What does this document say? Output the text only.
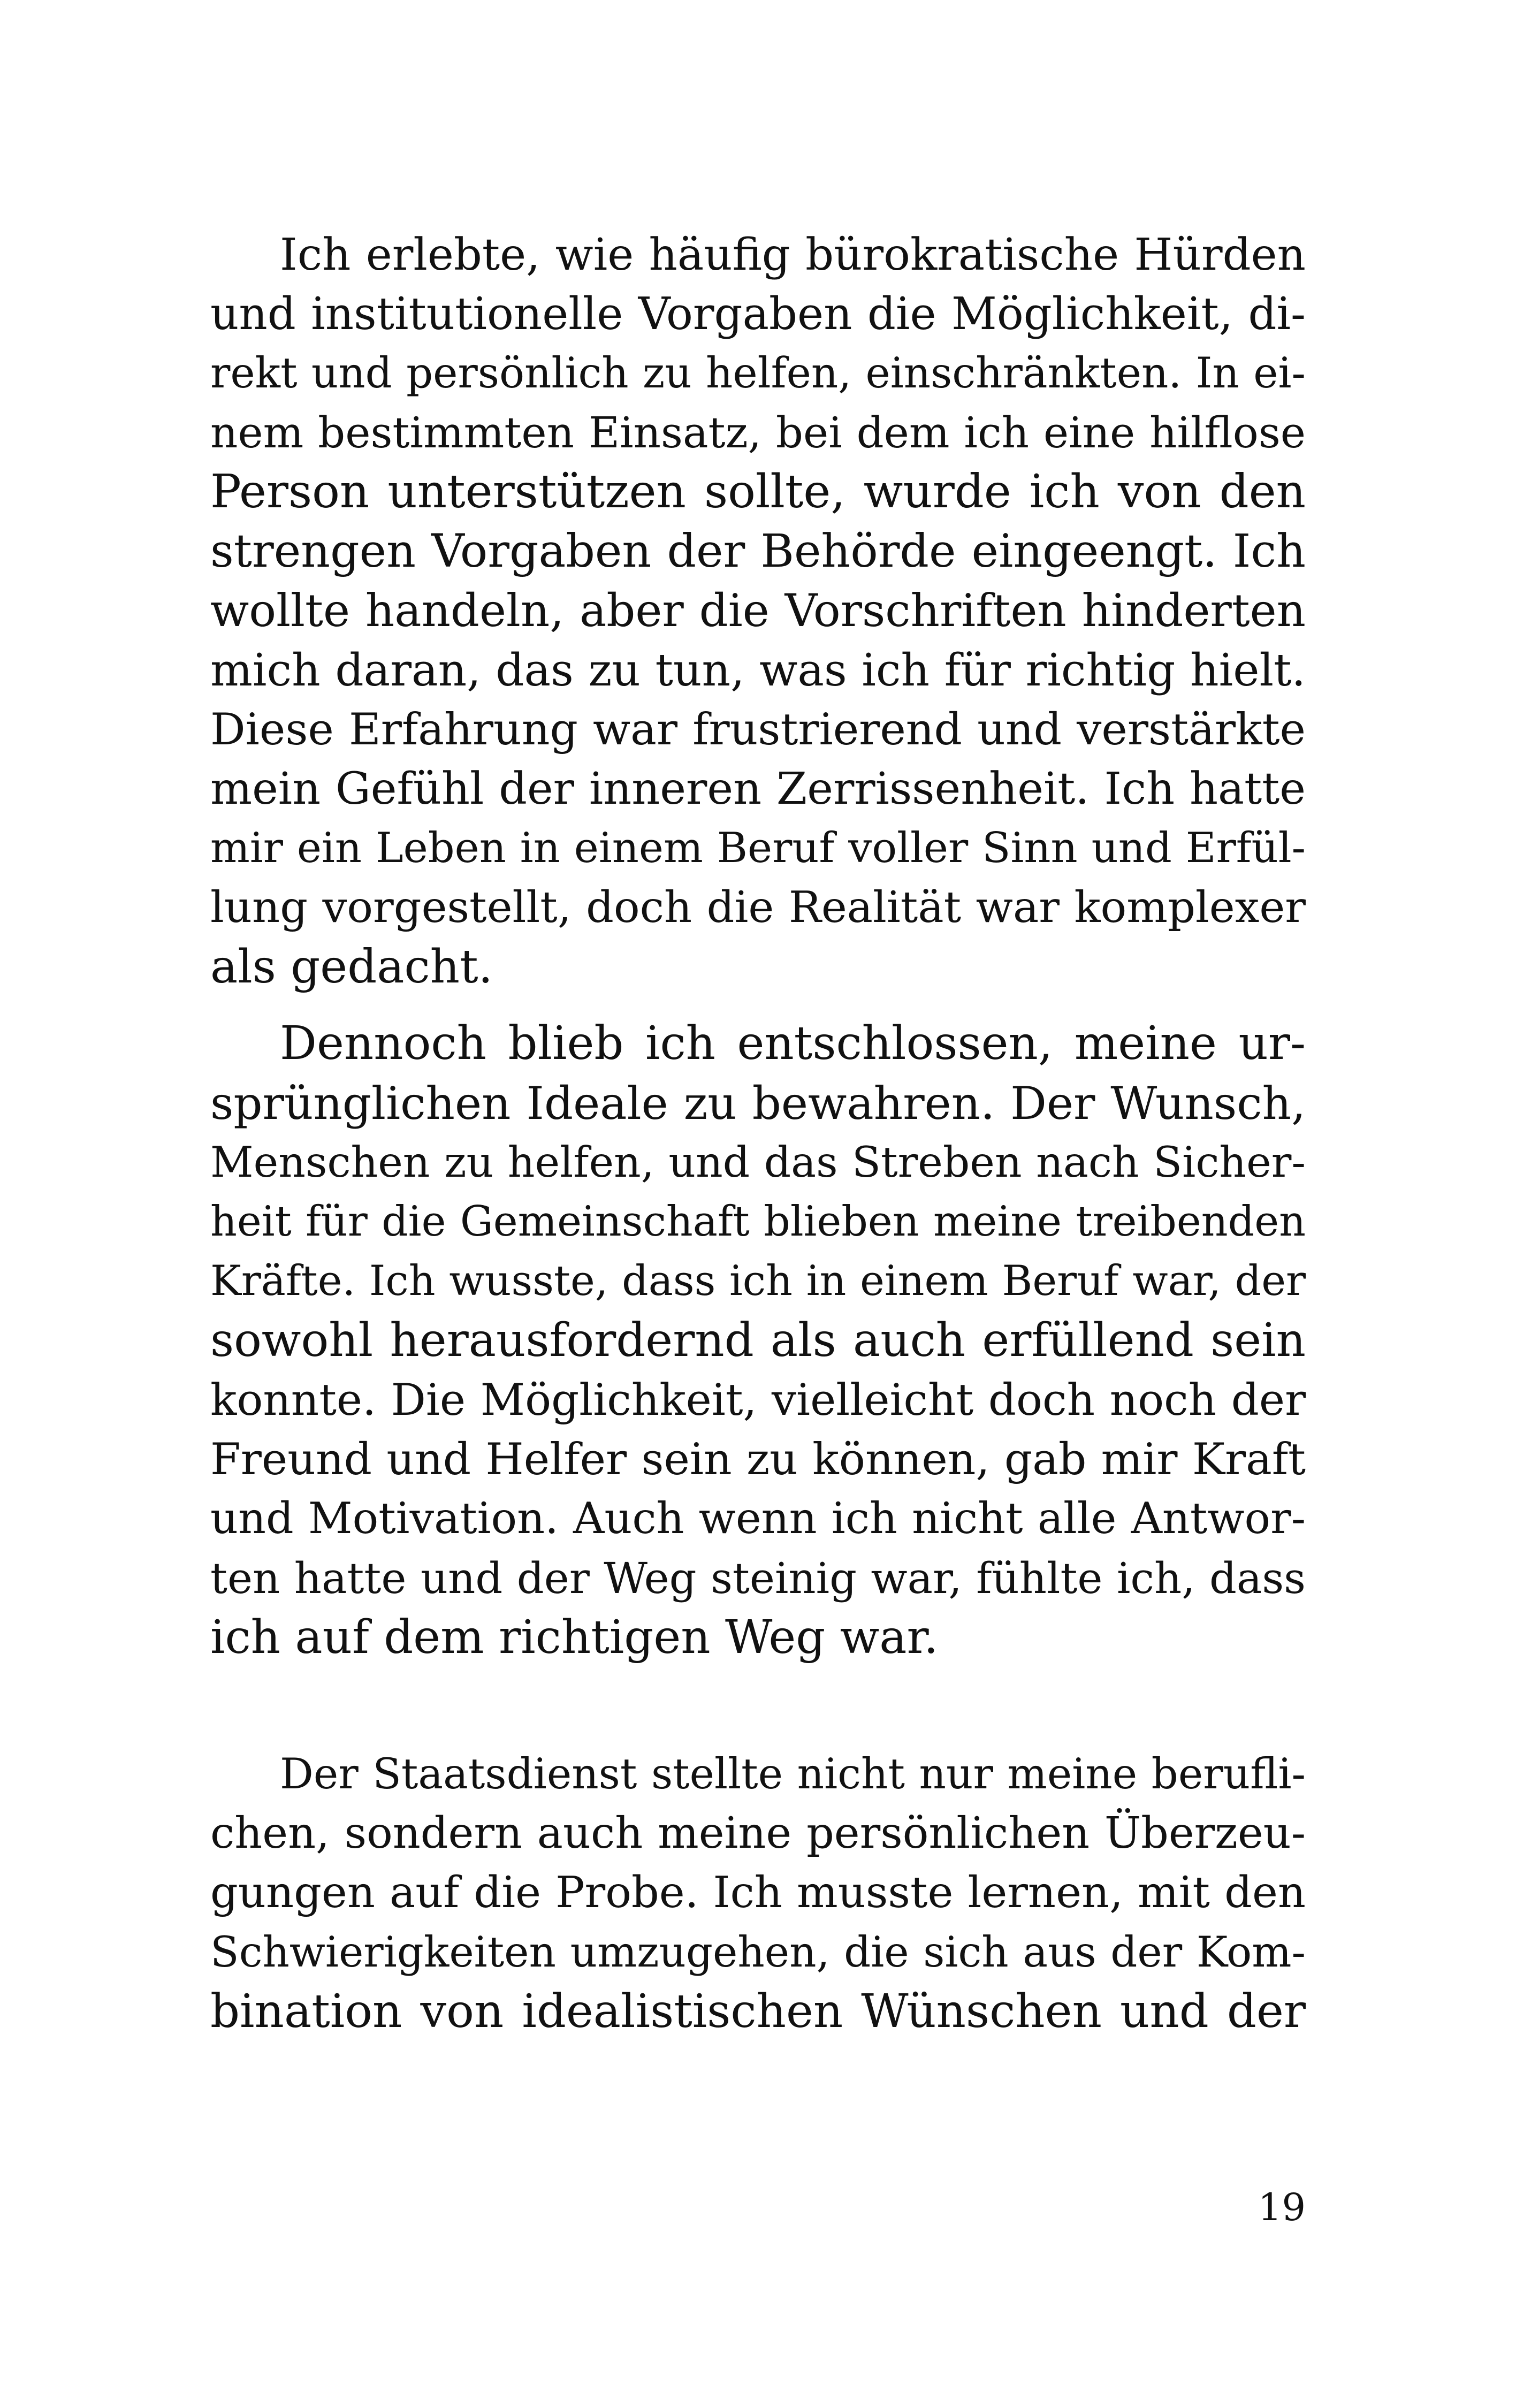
Ich erlebte, wie häufig bürokratische Hürden
und institutionelle Vorgaben die Möglichkeit, di-
rekt und persönlich zu helfen, einschränkten. In ei-
nem bestimmten Einsatz, bei dem ich eine hilflose
Person unterstützen sollte, wurde ich von den
strengen Vorgaben der Behörde eingeengt. Ich
wollte handeln, aber die Vorschriften hinderten
mich daran, das zu tun, was ich für richtig hielt.
Diese Erfahrung war frustrierend und verstärkte
mein Gefühl der inneren Zerrissenheit. Ich hatte
mir ein Leben in einem Beruf voller Sinn und Erfül-
lung vorgestellt, doch die Realität war komplexer
als gedacht.
Dennoch blieb ich entschlossen, meine ur-
sprünglichen Ideale zu bewahren. Der Wunsch,
Menschen zu helfen, und das Streben nach Sicher-
heit für die Gemeinschaft blieben meine treibenden
Kräfte. Ich wusste, dass ich in einem Beruf war, der
sowohl herausfordernd als auch erfüllend sein
konnte. Die Möglichkeit, vielleicht doch noch der
Freund und Helfer sein zu können, gab mir Kraft
und Motivation. Auch wenn ich nicht alle Antwor-
ten hatte und der Weg steinig war, fühlte ich, dass
ich auf dem richtigen Weg war.
Der Staatsdienst stellte nicht nur meine berufli-
chen, sondern auch meine persönlichen Überzeu-
gungen auf die Probe. Ich musste lernen, mit den
Schwierigkeiten umzugehen, die sich aus der Kom-
bination von idealistischen Wünschen und der
19
